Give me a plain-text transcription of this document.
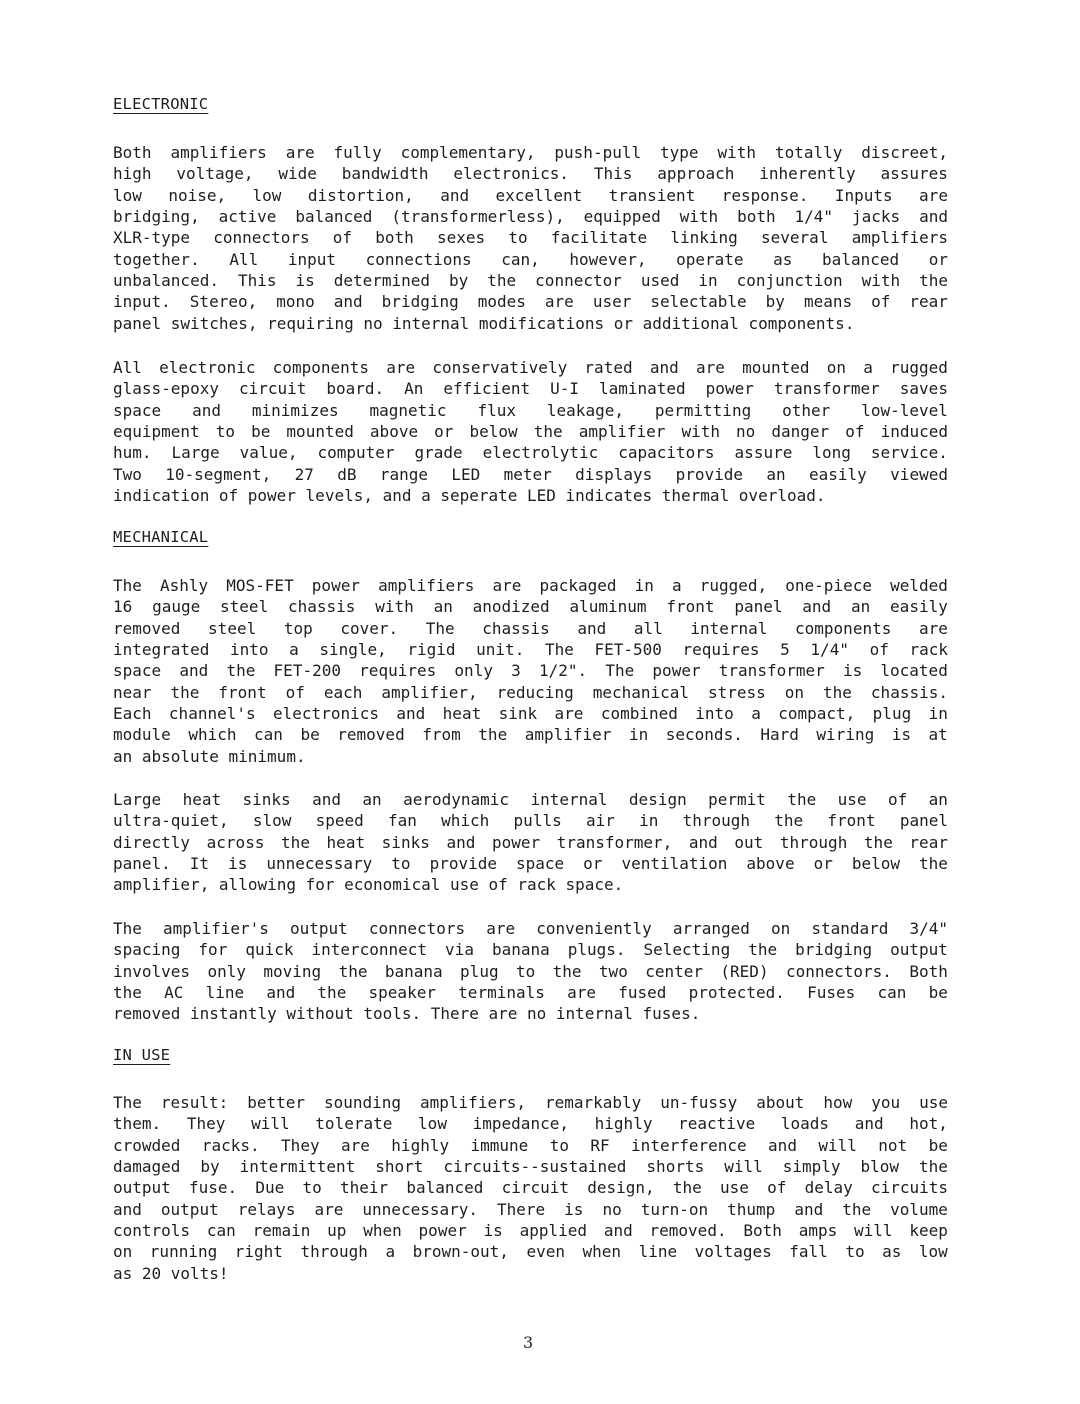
ELECTRONIC
Both amplifiers are fully complementary, push-pull type with totally discreet,
high voltage, wide bandwidth electronics. This approach inherently assures
low noise, low distortion, and excellent transient response. Inputs are
bridging, active balanced (transformerless), equipped with both 1/4" jacks and
XLR-type connectors of both sexes to facilitate linking several amplifiers
together. All input connections can, however, operate as balanced or
unbalanced. This is determined by the connector used in conjunction with the
input. Stereo, mono and bridging modes are user selectable by means of rear
panel switches, requiring no internal modifications or additional components.
All electronic components are conservatively rated and are mounted on a rugged
glass-epoxy circuit board. An efficient U-I laminated power transformer saves
space and minimizes magnetic flux leakage, permitting other low-level
equipment to be mounted above or below the amplifier with no danger of induced
hum. Large value, computer grade electrolytic capacitors assure long service.
Two 10-segment, 27 dB range LED meter displays provide an easily viewed
indication of power levels, and a seperate LED indicates thermal overload.
MECHANICAL
The Ashly MOS-FET power amplifiers are packaged in a rugged, one-piece welded
16 gauge steel chassis with an anodized aluminum front panel and an easily
removed steel top cover. The chassis and all internal components are
integrated into a single, rigid unit. The FET-500 requires 5 1/4" of rack
space and the FET-200 requires only 3 1/2". The power transformer is located
near the front of each amplifier, reducing mechanical stress on the chassis.
Each channel's electronics and heat sink are combined into a compact, plug in
module which can be removed from the amplifier in seconds. Hard wiring is at
an absolute minimum.
Large heat sinks and an aerodynamic internal design permit the use of an
ultra-quiet, slow speed fan which pulls air in through the front panel
directly across the heat sinks and power transformer, and out through the rear
panel. It is unnecessary to provide space or ventilation above or below the
amplifier, allowing for economical use of rack space.
The amplifier's output connectors are conveniently arranged on standard 3/4"
spacing for quick interconnect via banana plugs. Selecting the bridging output
involves only moving the banana plug to the two center (RED) connectors. Both
the AC line and the speaker terminals are fused protected. Fuses can be
removed instantly without tools. There are no internal fuses.
IN USE
The result: better sounding amplifiers, remarkably un-fussy about how you use
them. They will tolerate low impedance, highly reactive loads and hot,
crowded racks. They are highly immune to RF interference and will not be
damaged by intermittent short circuits--sustained shorts will simply blow the
output fuse. Due to their balanced circuit design, the use of delay circuits
and output relays are unnecessary. There is no turn-on thump and the volume
controls can remain up when power is applied and removed. Both amps will keep
on running right through a brown-out, even when line voltages fall to as low
as 20 volts!
3
